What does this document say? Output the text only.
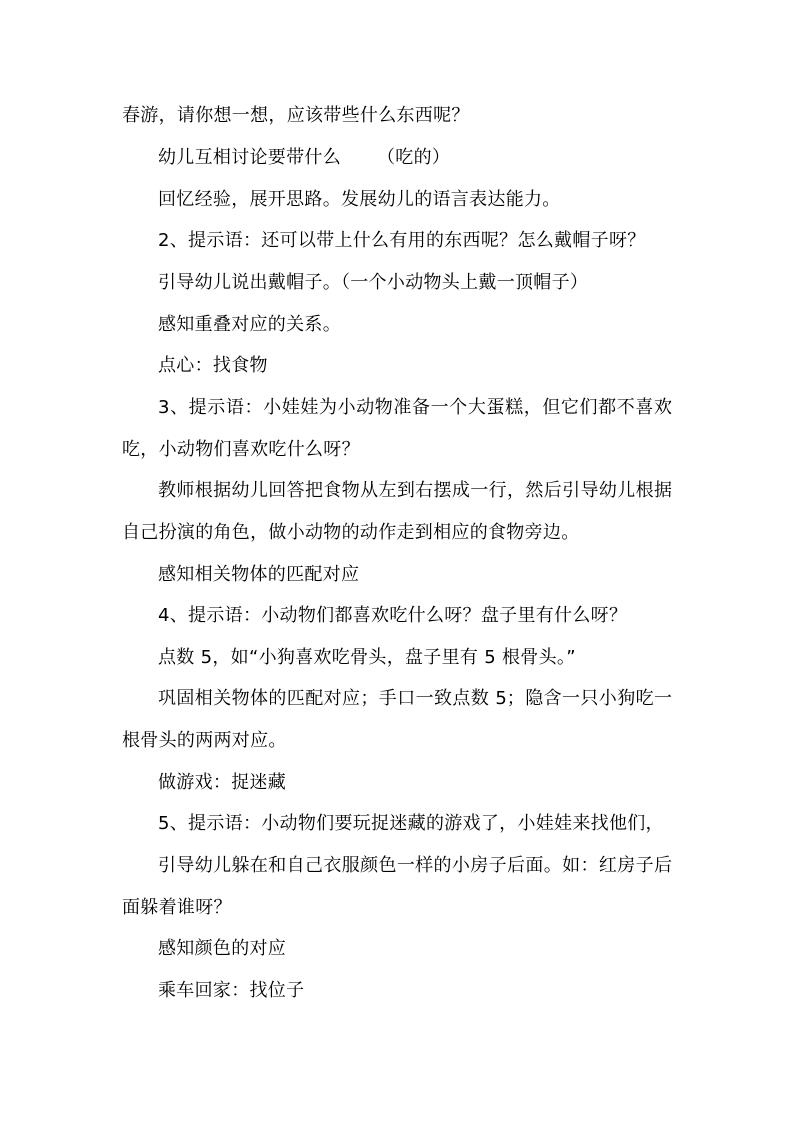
春游，请你想一想，应该带些什么东西呢？
幼儿互相讨论要带什么 （吃的）
回忆经验，展开思路。发展幼儿的语言表达能力。
2、提示语：还可以带上什么有用的东西呢？怎么戴帽子呀？
引导幼儿说出戴帽子。（一个小动物头上戴一顶帽子）
感知重叠对应的关系。
点心：找食物
3、提示语：小娃娃为小动物准备一个大蛋糕，但它们都不喜欢
吃，小动物们喜欢吃什么呀？
教师根据幼儿回答把食物从左到右摆成一行，然后引导幼儿根据
自己扮演的角色，做小动物的动作走到相应的食物旁边。
感知相关物体的匹配对应
4、提示语：小动物们都喜欢吃什么呀？盘子里有什么呀？
点数 5，如“小狗喜欢吃骨头，盘子里有 5 根骨头。”
巩固相关物体的匹配对应；手口一致点数 5；隐含一只小狗吃一
根骨头的两两对应。
做游戏：捉迷藏
5、提示语：小动物们要玩捉迷藏的游戏了，小娃娃来找他们，
引导幼儿躲在和自己衣服颜色一样的小房子后面。如：红房子后
面躲着谁呀？
感知颜色的对应
乘车回家：找位子
